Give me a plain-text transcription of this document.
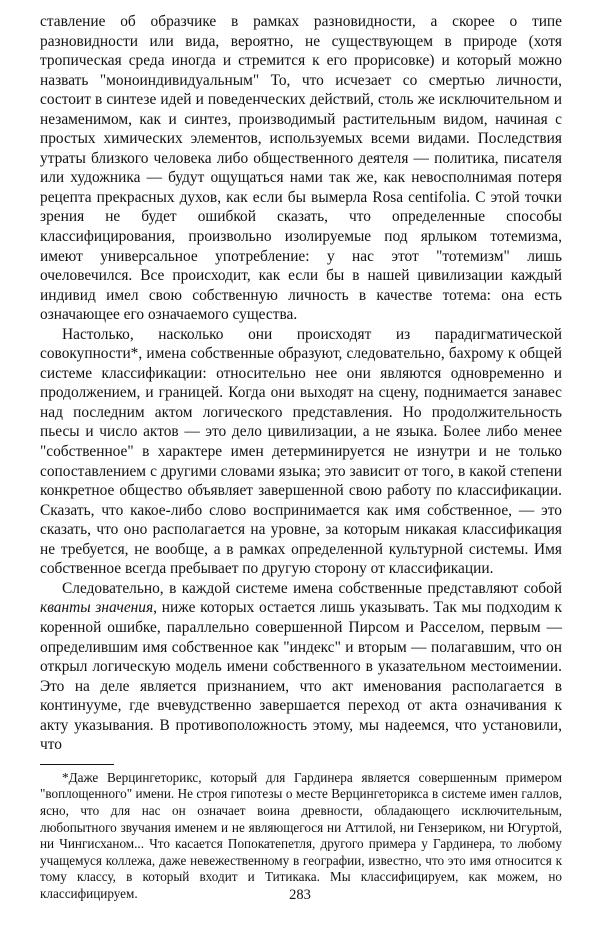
ставление об образчике в рамках разновидности, а скорее о типе разновидности или вида, вероятно, не существующем в природе (хотя тропическая среда иногда и стремится к его прорисовке) и который можно назвать "моноиндивидуальным" То, что исчезает со смертью личности, состоит в синтезе идей и поведенческих действий, столь же исключительном и незаменимом, как и синтез, производимый растительным видом, начиная с простых химических элементов, используемых всеми видами. Последствия утраты близкого человека либо общественного деятеля — политика, писателя или художника — будут ощущаться нами так же, как невосполнимая потеря рецепта прекрасных духов, как если бы вымерла Rosa centifolia. С этой точки зрения не будет ошибкой сказать, что определенные способы классифицирования, произвольно изолируемые под ярлыком тотемизма, имеют универсальное употребление: у нас этот "тотемизм" лишь очеловечился. Все происходит, как если бы в нашей цивилизации каждый индивид имел свою собственную личность в качестве тотема: она есть означающее его означаемого существа.

Настолько, насколько они происходят из парадигматической совокупности*, имена собственные образуют, следовательно, бахрому к общей системе классификации: относительно нее они являются одновременно и продолжением, и границей. Когда они выходят на сцену, поднимается занавес над последним актом логического представления. Но продолжительность пьесы и число актов — это дело цивилизации, а не языка. Более либо менее "собственное" в характере имен детерминируется не изнутри и не только сопоставлением с другими словами языка; это зависит от того, в какой степени конкретное общество объявляет завершенной свою работу по классификации. Сказать, что какое-либо слово воспринимается как имя собственное, — это сказать, что оно располагается на уровне, за которым никакая классификация не требуется, не вообще, а в рамках определенной культурной системы. Имя собственное всегда пребывает по другую сторону от классификации.

Следовательно, в каждой системе имена собственные представляют собой кванты значения, ниже которых остается лишь указывать. Так мы подходим к коренной ошибке, параллельно совершенной Пирсом и Расселом, первым — определившим имя собственное как "индекс" и вторым — полагавшим, что он открыл логическую модель имени собственного в указательном местоимении. Это на деле является признанием, что акт именования располагается в континууме, где вчевудственно завершается переход от акта означивания к акту указывания. В противоположность этому, мы надеемся, что установили, что

*Даже Верцингеторикс, который для Гардинера является совершенным примером "воплощенного" имени. Не строя гипотезы о месте Верцингеторикса в системе имен галлов, ясно, что для нас он означает воина древности, обладающего исключительным, любопытного звучания именем и не являющегося ни Аттилой, ни Гензериком, ни Югуртой, ни Чингисханом... Что касается Попокатепетля, другого примера у Гардинера, то любому учащемуся коллежа, даже невежественному в географии, известно, что это имя относится к тому классу, в который входит и Титикака. Мы классифицируем, как можем, но классифицируем.	283
